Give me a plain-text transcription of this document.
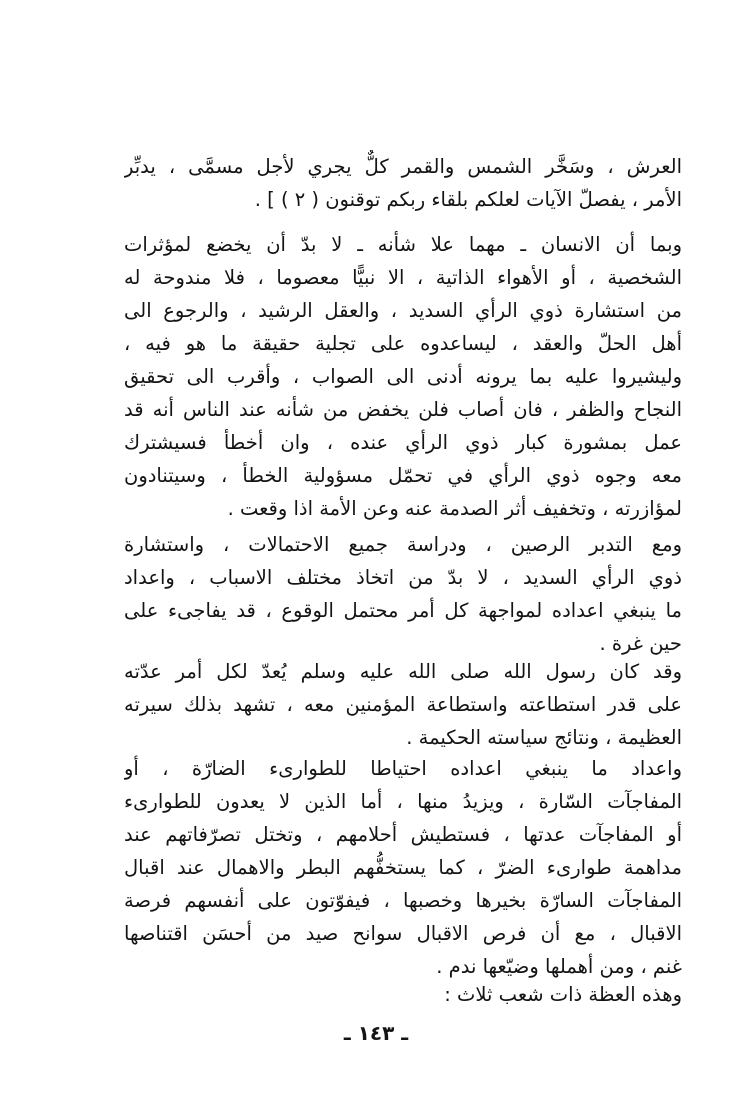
العرش ، وسَخَّر الشمس والقمر كلٌّ يجري لأجل مسمَّى ، يدبِّر
الأمر ، يفصلّ الآيات لعلكم بلقاء ربكم توقنون ( ٢ ) ] .
وبما أن الانسان ـ مهما علا شأنه ـ لا بدّ أن يخضع لمؤثرات
الشخصية ، أو الأهواء الذاتية ، الا نبيًّا معصوما ، فلا مندوحة له
من استشارة ذوي الرأي السديد ، والعقل الرشيد ، والرجوع الى
أهل الحلّ والعقد ، ليساعدوه على تجلية حقيقة ما هو فيه ،
وليشيروا عليه بما يرونه أدنى الى الصواب ، وأقرب الى تحقيق
النجاح والظفر ، فان أصاب فلن يخفض من شأنه عند الناس أنه قد
عمل بمشورة كبار ذوي الرأي عنده ، وان أخطأ فسيشترك
معه وجوه ذوي الرأي في تحمّل مسؤولية الخطأ ، وسيتنادون
لمؤازرته ، وتخفيف أثر الصدمة عنه وعن الأمة اذا وقعت .
ومع التدبر الرصين ، ودراسة جميع الاحتمالات ، واستشارة
ذوي الرأي السديد ، لا بدّ من اتخاذ مختلف الاسباب ، واعداد
ما ينبغي اعداده لمواجهة كل أمر محتمل الوقوع ، قد يفاجىء على
حين غرة .
وقد كان رسول الله صلى الله عليه وسلم يُعدّ لكل أمر عدّته
على قدر استطاعته واستطاعة المؤمنين معه ، تشهد بذلك سيرته
العظيمة ، ونتائج سياسته الحكيمة .
واعداد ما ينبغي اعداده احتياطا للطوارىء الضارّة ، أو
المفاجآت السّارة ، ويزيدُ منها ، أما الذين لا يعدون للطوارىء
أو المفاجآت عدتها ، فستطيش أحلامهم ، وتختل تصرّفاتهم عند
مداهمة طوارىء الضرّ ، كما يستخفُّهم البطر والاهمال عند اقبال
المفاجآت السارّة بخيرها وخصبها ، فيفوّتون على أنفسهم فرصة
الاقبال ، مع أن فرص الاقبال سوانح صيد من أحسَن اقتناصها
غنم ، ومن أهملها وضيّعها ندم .
وهذه العظة ذات شعب ثلاث :
ـ ١٤٣ ـ
